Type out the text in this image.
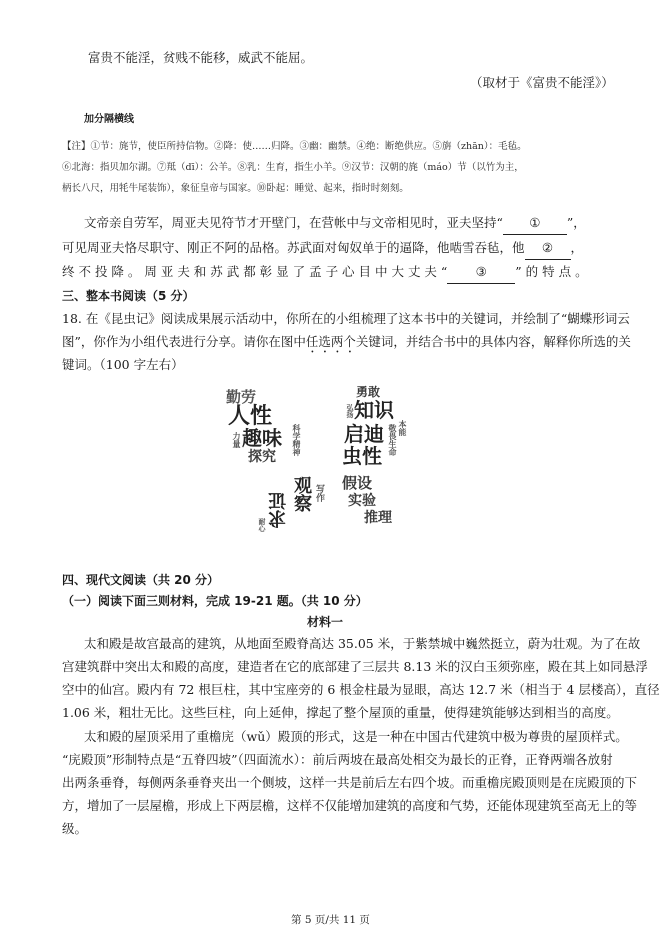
富贵不能淫，贫贱不能移，威武不能屈。
（取材于《富贵不能淫》）
加分隔横线
【注】①节：旄节，使臣所持信物。②降：使……归降。③幽：幽禁。④绝：断绝供应。⑤旃（zhān）：毛毡。
⑥北海：指贝加尔湖。⑦羝（dī）：公羊。⑧乳：生育，指生小羊。⑨汉节：汉朝的旄（máo）节（以竹为主，
柄长八尺，用牦牛尾装饰），象征皇帝与国家。⑩卧起：睡觉、起来，指时时刻刻。
文帝亲自劳军，周亚夫见符节才开壁门，在营帐中与文帝相见时，亚夫坚持“ ① ”，
可见周亚夫恪尽职守、刚正不阿的品格。苏武面对匈奴单于的逼降，他啮雪吞毡，他 ② ，
终 不 投 降 。 周 亚 夫 和 苏 武 都 彰 显 了 孟 子 心 目 中 大 丈 夫 “ ③ ” 的 特 点 。
三、整本书阅读（5 分）
18. 在《昆虫记》阅读成果展示活动中，你所在的小组梳理了这本书中的关键词，并绘制了“蝴蝶形词云
图”，你作为小组代表进行分享。请你在图中任选两个关键词，并结合书中的具体内容，解释你所选的关
键词。（100 字左右）
勤劳
人性
力量 趣味 科学精神
探究
勇敢
弘扬 知识
启迪 敬畏生命 本能
虫性
耐心 求证 观察 写作
假设
实验
推理
四、现代文阅读（共 20 分）
（一）阅读下面三则材料，完成 19-21 题。（共 10 分）
材料一
太和殿是故宫最高的建筑，从地面至殿脊高达 35.05 米，于紫禁城中巍然挺立，蔚为壮观。为了在故
宫建筑群中突出太和殿的高度，建造者在它的底部建了三层共 8.13 米的汉白玉须弥座，殿在其上如同悬浮
空中的仙宫。殿内有 72 根巨柱，其中宝座旁的 6 根金柱最为显眼，高达 12.7 米（相当于 4 层楼高），直径
1.06 米，粗壮无比。这些巨柱，向上延伸，撑起了整个屋顶的重量，使得建筑能够达到相当的高度。
太和殿的屋顶采用了重檐庑（wǔ）殿顶的形式，这是一种在中国古代建筑中极为尊贵的屋顶样式。
“庑殿顶”形制特点是“五脊四坡”（四面流水）：前后两坡在最高处相交为最长的正脊，正脊两端各放射
出两条垂脊，每侧两条垂脊夹出一个侧坡，这样一共是前后左右四个坡。而重檐庑殿顶则是在庑殿顶的下
方，增加了一层屋檐，形成上下两层檐，这样不仅能增加建筑的高度和气势，还能体现建筑至高无上的等
级。
第 5 页/共 11 页
